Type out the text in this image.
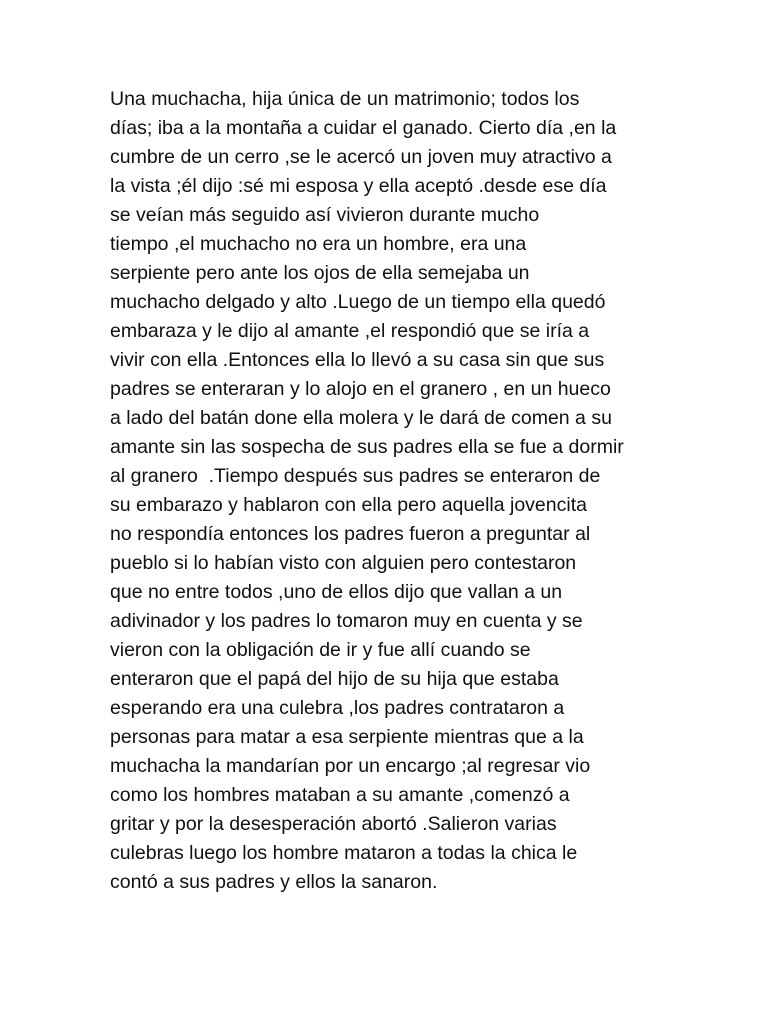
Una muchacha, hija única de un matrimonio; todos los
días; iba a la montaña a cuidar el ganado. Cierto día ,en la
cumbre de un cerro ,se le acercó un joven muy atractivo a
la vista ;él dijo :sé mi esposa y ella aceptó .desde ese día
se veían más seguido así vivieron durante mucho
tiempo ,el muchacho no era un hombre, era una
serpiente pero ante los ojos de ella semejaba un
muchacho delgado y alto .Luego de un tiempo ella quedó
embaraza y le dijo al amante ,el respondió que se iría a
vivir con ella .Entonces ella lo llevó a su casa sin que sus
padres se enteraran y lo alojo en el granero , en un hueco
a lado del batán done ella molera y le dará de comen a su
amante sin las sospecha de sus padres ella se fue a dormir
al granero  .Tiempo después sus padres se enteraron de
su embarazo y hablaron con ella pero aquella jovencita
no respondía entonces los padres fueron a preguntar al
pueblo si lo habían visto con alguien pero contestaron
que no entre todos ,uno de ellos dijo que vallan a un
adivinador y los padres lo tomaron muy en cuenta y se
vieron con la obligación de ir y fue allí cuando se
enteraron que el papá del hijo de su hija que estaba
esperando era una culebra ,los padres contrataron a
personas para matar a esa serpiente mientras que a la
muchacha la mandarían por un encargo ;al regresar vio
como los hombres mataban a su amante ,comenzó a
gritar y por la desesperación abortó .Salieron varias
culebras luego los hombre mataron a todas la chica le
contó a sus padres y ellos la sanaron.
